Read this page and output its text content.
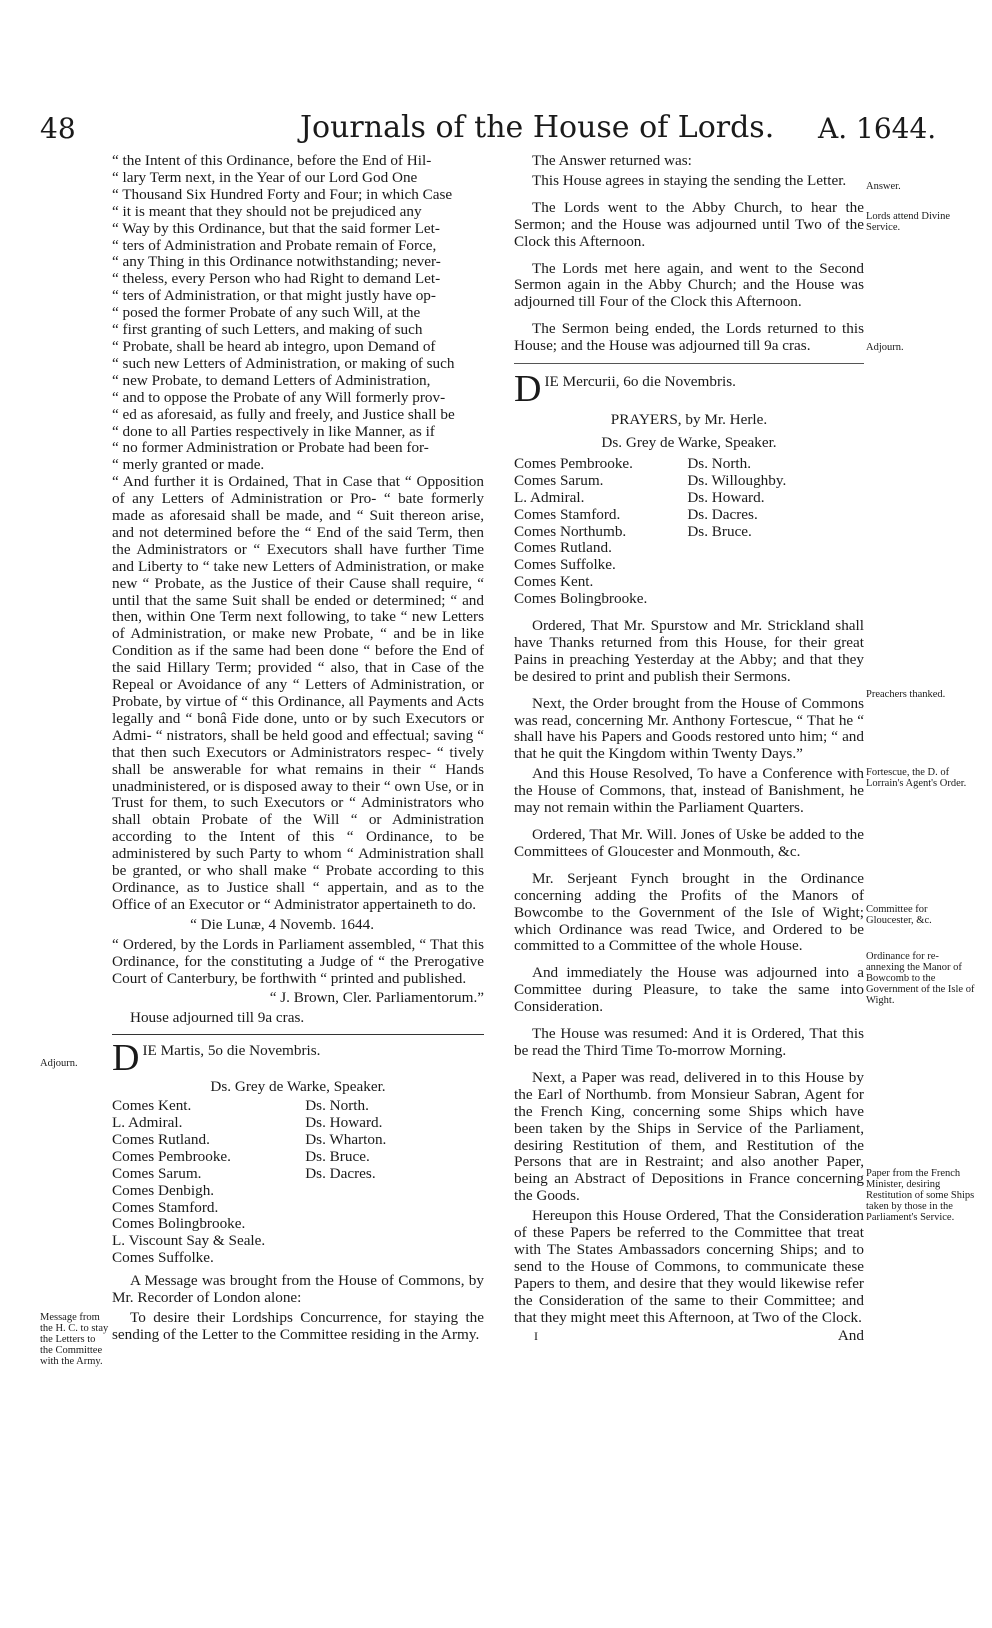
48	Journals of the House of Lords. A. 1644.
“ the Intent of this Ordinance, before the End of Hil-
“ lary Term next, in the Year of our Lord God One
“ Thousand Six Hundred Forty and Four; in which Case
“ it is meant that they should not be prejudiced any
“ Way by this Ordinance, but that the said former Let-
“ ters of Administration and Probate remain of Force,
“ any Thing in this Ordinance notwithstanding; never-
“ theless, every Person who had Right to demand Let-
“ ters of Administration, or that might justly have op-
“ posed the former Probate of any such Will, at the
“ first granting of such Letters, and making of such
“ Probate, shall be heard ab integro, upon Demand of
“ such new Letters of Administration, or making of such
“ new Probate, to demand Letters of Administration,
“ and to oppose the Probate of any Will formerly prov-
“ ed as aforesaid, as fully and freely, and Justice shall be
“ done to all Parties respectively in like Manner, as if
“ no former Administration or Probate had been for-
“ merly granted or made.

“ And further it is Ordained, That in Case that “ Opposition of any Letters of Administration or Pro- “ bate formerly made as aforesaid shall be made, and “ Suit thereon arise, and not determined before the “ End of the said Term, then the Administrators or “ Executors shall have further Time and Liberty to “ take new Letters of Administration, or make new “ Probate, as the Justice of their Cause shall require, “ until that the same Suit shall be ended or determined; “ and then, within One Term next following, to take “ new Letters of Administration, or make new Probate, “ and be in like Condition as if the same had been done “ before the End of the said Hillary Term; provided “ also, that in Case of the Repeal or Avoidance of any “ Letters of Administration, or Probate, by virtue of “ this Ordinance, all Payments and Acts legally and “ bonâ Fide done, unto or by such Executors or Admi- “ nistrators, shall be held good and effectual; saving “ that then such Executors or Administrators respec- “ tively shall be answerable for what remains in their “ Hands unadministered, or is disposed away to their “ own Use, or in Trust for them, to such Executors or “ Administrators who shall obtain Probate of the Will “ or Administration according to the Intent of this “ Ordinance, to be administered by such Party to whom “ Administration shall be granted, or who shall make “ Probate according to this Ordinance, as to Justice shall “ appertain, and as to the Office of an Executor or “ Administrator appertaineth to do.

“ Die Lunæ, 4 Novemb. 1644.

“ Ordered, by the Lords in Parliament assembled, “ That this Ordinance, for the constituting a Judge of “ the Prerogative Court of Canterbury, be forthwith “ printed and published.

“ J. Brown, Cler. Parliamentorum.”

House adjourned till 9a cras.

D IE Martis, 5o die Novembris.

Ds. Grey de Warke, Speaker.

Comes Kent.
L. Admiral.
Comes Rutland.
Comes Pembrooke.
Comes Sarum.
Comes Denbigh.
Comes Stamford.
Comes Bolingbrooke.
L. Viscount Say & Seale.
Comes Suffolke.
Ds. North.
Ds. Howard.
Ds. Wharton.
Ds. Bruce.
Ds. Dacres.

A Message was brought from the House of Commons, by Mr. Recorder of London alone:

To desire their Lordships Concurrence, for staying the sending of the Letter to the Committee residing in the Army.

The Answer returned was:

This House agrees in staying the sending the Letter.

The Lords went to the Abby Church, to hear the Sermon; and the House was adjourned until Two of the Clock this Afternoon.

The Lords met here again, and went to the Second Sermon again in the Abby Church; and the House was adjourned till Four of the Clock this Afternoon.

The Sermon being ended, the Lords returned to this House; and the House was adjourned till 9a cras.

D IE Mercurii, 6o die Novembris.

PRAYERS, by Mr. Herle.

Ds. Grey de Warke, Speaker.

Comes Pembrooke.
Comes Sarum.
L. Admiral.
Comes Stamford.
Comes Northumb.
Comes Rutland.
Comes Suffolke.
Comes Kent.
Comes Bolingbrooke.
Ds. North.
Ds. Willoughby.
Ds. Howard.
Ds. Dacres.
Ds. Bruce.

Ordered, That Mr. Spurstow and Mr. Strickland shall have Thanks returned from this House, for their great Pains in preaching Yesterday at the Abby; and that they be desired to print and publish their Sermons.

Next, the Order brought from the House of Commons was read, concerning Mr. Anthony Fortescue, “ That he “ shall have his Papers and Goods restored unto him; “ and that he quit the Kingdom within Twenty Days.”

And this House Resolved, To have a Conference with the House of Commons, that, instead of Banishment, he may not remain within the Parliament Quarters.

Ordered, That Mr. Will. Jones of Uske be added to the Committees of Gloucester and Monmouth, &c.

Mr. Serjeant Fynch brought in the Ordinance concerning adding the Profits of the Manors of Bowcombe to the Government of the Isle of Wight; which Ordinance was read Twice, and Ordered to be committed to a Committee of the whole House.

And immediately the House was adjourned into a Committee during Pleasure, to take the same into Consideration.

The House was resumed: And it is Ordered, That this be read the Third Time To-morrow Morning.

Next, a Paper was read, delivered in to this House by the Earl of Northumb. from Monsieur Sabran, Agent for the French King, concerning some Ships which have been taken by the Ships in Service of the Parliament, desiring Restitution of them, and Restitution of the Persons that are in Restraint; and also another Paper, being an Abstract of Depositions in France concerning the Goods.

Hereupon this House Ordered, That the Consideration of these Papers be referred to the Committee that treat with The States Ambassadors concerning Ships; and to send to the House of Commons, to communicate these Papers to them, and desire that they would likewise refer the Consideration of the same to their Committee; and that they might meet this Afternoon, at Two of the Clock.

I	And
Adjourn.
Message from the H. C. to stay the Letters to the Committee with the Army.
Answer.
Lords attend Divine Service.
Adjourn.
Preachers thanked.
Fortescue, the D. of Lorrain's Agent's Order.
Committee for Gloucester, &c.
Ordinance for re-annexing the Manor of Bowcomb to the Government of the Isle of Wight.
Paper from the French Minister, desiring Restitution of some Ships taken by those in the Parliament's Service.
